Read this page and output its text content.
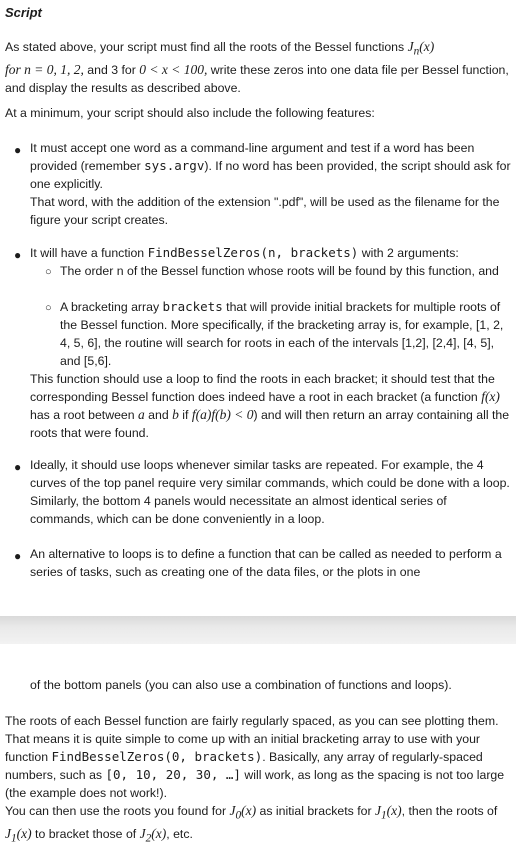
Script

As stated above, your script must find all the roots of the Bessel functions $J_n(x)$
for n = 0, 1, 2, and 3 for 0 < x < 100, write these zeros into one data file per Bessel function, and display the results as described above.

At a minimum, your script should also include the following features:

● It must accept one word as a command-line argument and test if a word has been provided (remember sys.argv). If no word has been provided, the script should ask for one explicitly.
That word, with the addition of the extension ".pdf", will be used as the filename for the figure your script creates.

● It will have a function FindBesselZeros(n, brackets) with 2 arguments:

○ The order n of the Bessel function whose roots will be found by this function, and

○ A bracketing array brackets that will provide initial brackets for multiple roots of the Bessel function. More specifically, if the bracketing array is, for example, [1, 2, 4, 5, 6], the routine will search for roots in each of the intervals [1,2], [2,4], [4, 5], and [5,6].

This function should use a loop to find the roots in each bracket; it should test that the corresponding Bessel function does indeed have a root in each bracket (a function f(x) has a root between a and b if f(a)f(b) < 0) and will then return an array containing all the roots that were found.

● Ideally, it should use loops whenever similar tasks are repeated. For example, the 4 curves of the top panel require very similar commands, which could be done with a loop. Similarly, the bottom 4 panels would necessitate an almost identical series of commands, which can be done conveniently in a loop.

● An alternative to loops is to define a function that can be called as needed to perform a series of tasks, such as creating one of the data files, or the plots in one

of the bottom panels (you can also use a combination of functions and loops).

The roots of each Bessel function are fairly regularly spaced, as you can see plotting them. That means it is quite simple to come up with an initial bracketing array to use with your function FindBesselZeros(0, brackets). Basically, any array of regularly-spaced numbers, such as [0, 10, 20, 30, …] will work, as long as the spacing is not too large (the example does not work!).
You can then use the roots you found for $J_0(x)$ as initial brackets for $J_1(x)$, then the roots of $J_1(x)$ to bracket those of $J_2(x)$, etc.
